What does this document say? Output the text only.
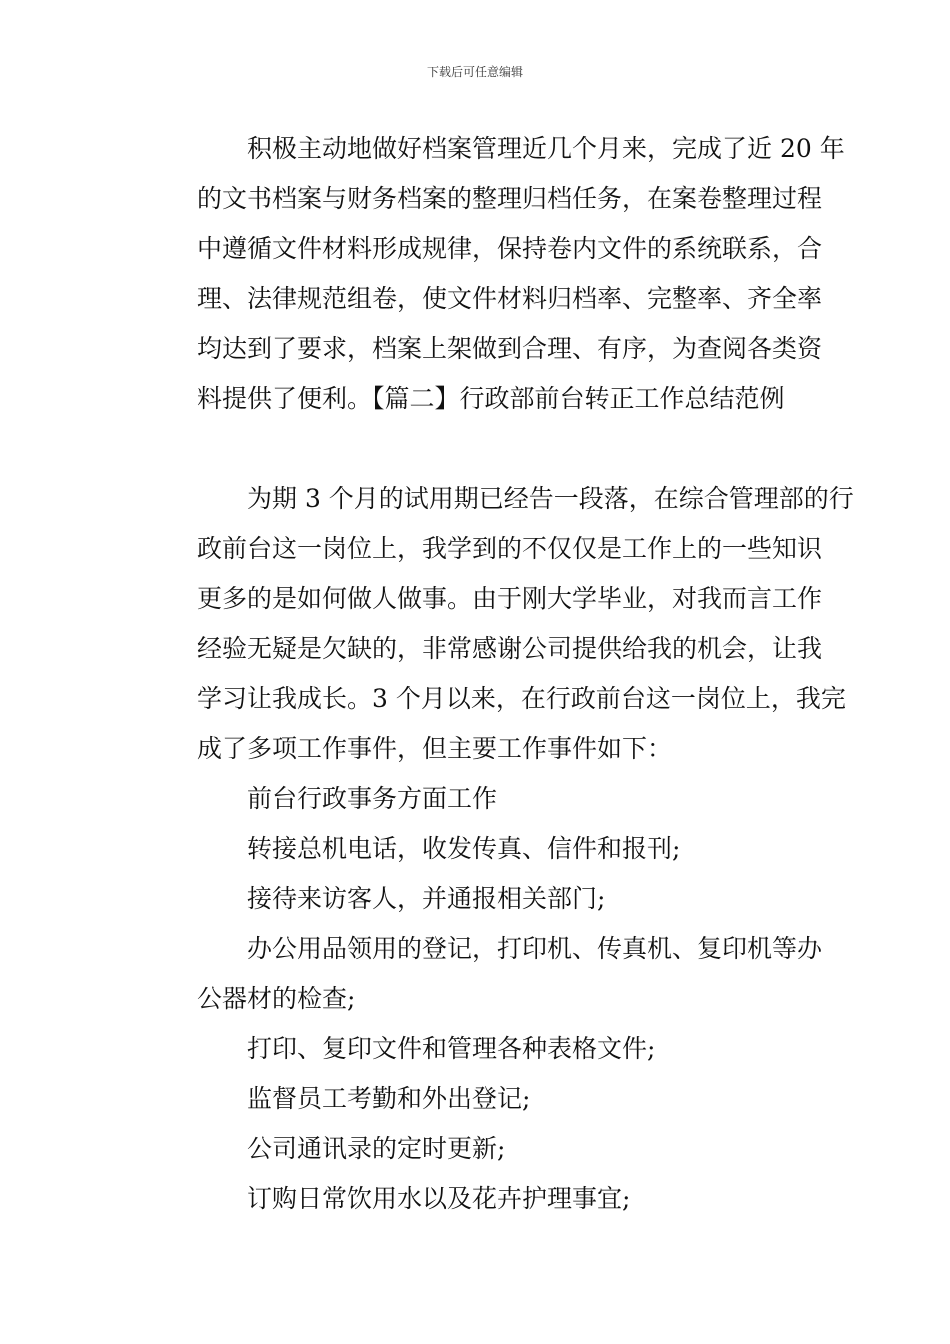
下载后可任意编辑

积极主动地做好档案管理近几个月来，完成了近 20 年
的文书档案与财务档案的整理归档任务，在案卷整理过程
中遵循文件材料形成规律，保持卷内文件的系统联系，合
理、法律规范组卷，使文件材料归档率、完整率、齐全率
均达到了要求，档案上架做到合理、有序，为查阅各类资
料提供了便利。【篇二】行政部前台转正工作总结范例

为期 3 个月的试用期已经告一段落，在综合管理部的行
政前台这一岗位上，我学到的不仅仅是工作上的一些知识
更多的是如何做人做事。由于刚大学毕业，对我而言工作
经验无疑是欠缺的，非常感谢公司提供给我的机会，让我
学习让我成长。3 个月以来，在行政前台这一岗位上，我完
成了多项工作事件，但主要工作事件如下：

前台行政事务方面工作

转接总机电话，收发传真、信件和报刊;

接待来访客人，并通报相关部门;

办公用品领用的登记，打印机、传真机、复印机等办
公器材的检查;

打印、复印文件和管理各种表格文件;

监督员工考勤和外出登记;

公司通讯录的定时更新;

订购日常饮用水以及花卉护理事宜;
